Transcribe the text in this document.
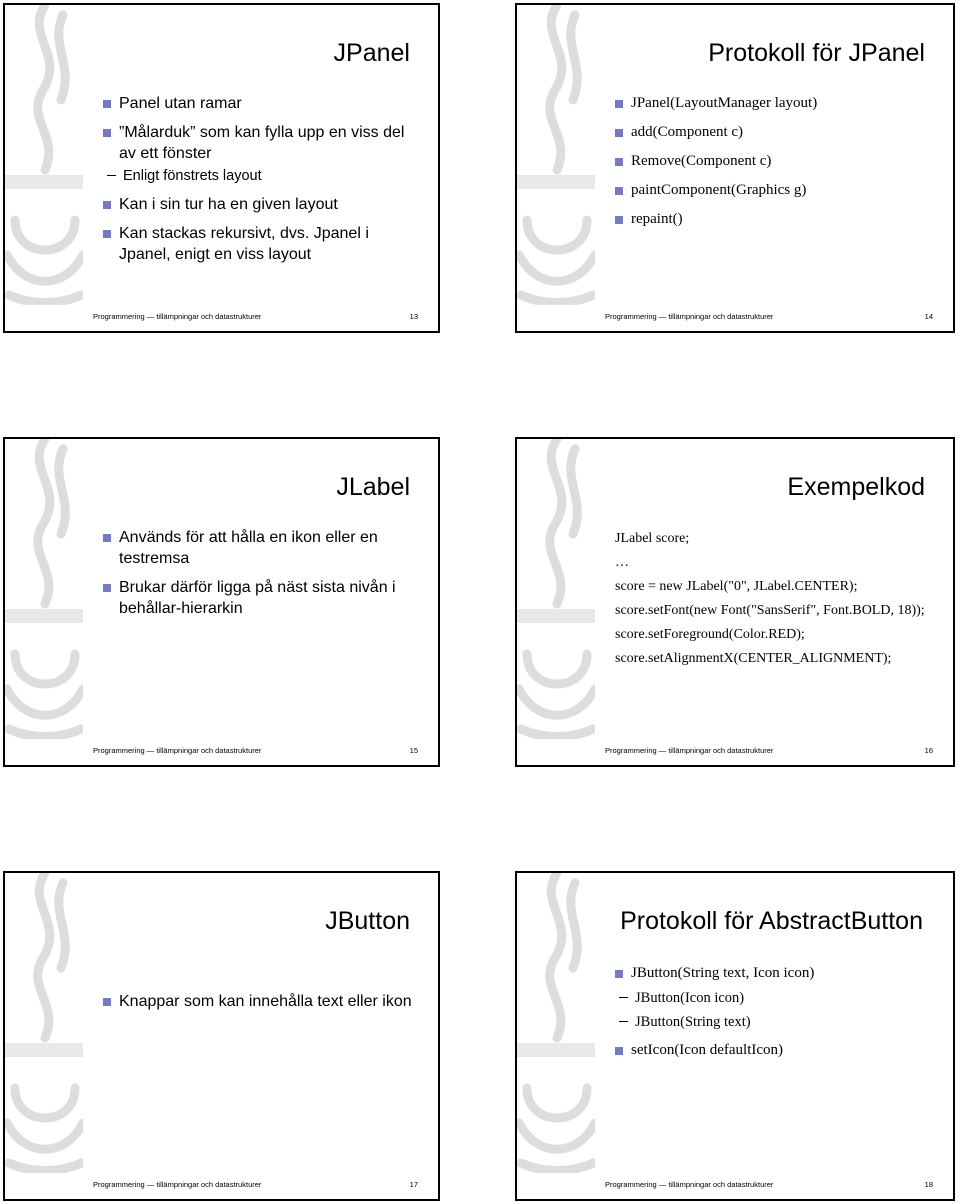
JPanel
Panel utan ramar
”Målarduk” som kan fylla upp en viss del av ett fönster
Enligt fönstrets layout
Kan i sin tur ha en given layout
Kan stackas rekursivt, dvs. Jpanel i Jpanel, enigt en viss layout
Programmering — tillämpningar och datastrukturer	13
Protokoll för JPanel
JPanel(LayoutManager layout)
add(Component c)
Remove(Component c)
paintComponent(Graphics g)
repaint()
Programmering — tillämpningar och datastrukturer	14
JLabel
Används för att hålla en ikon eller en testremsa
Brukar därför ligga på näst sista nivån i behållar-hierarkin
Programmering — tillämpningar och datastrukturer	15
Exempelkod
JLabel score;
…
score = new JLabel("0", JLabel.CENTER);
score.setFont(new Font("SansSerif", Font.BOLD, 18));
score.setForeground(Color.RED);
score.setAlignmentX(CENTER_ALIGNMENT);
Programmering — tillämpningar och datastrukturer	16
JButton
Knappar som kan innehålla text eller ikon
Programmering — tillämpningar och datastrukturer	17
Protokoll för AbstractButton
JButton(String text, Icon icon)
JButton(Icon icon)
JButton(String text)
setIcon(Icon defaultIcon)
Programmering — tillämpningar och datastrukturer	18
